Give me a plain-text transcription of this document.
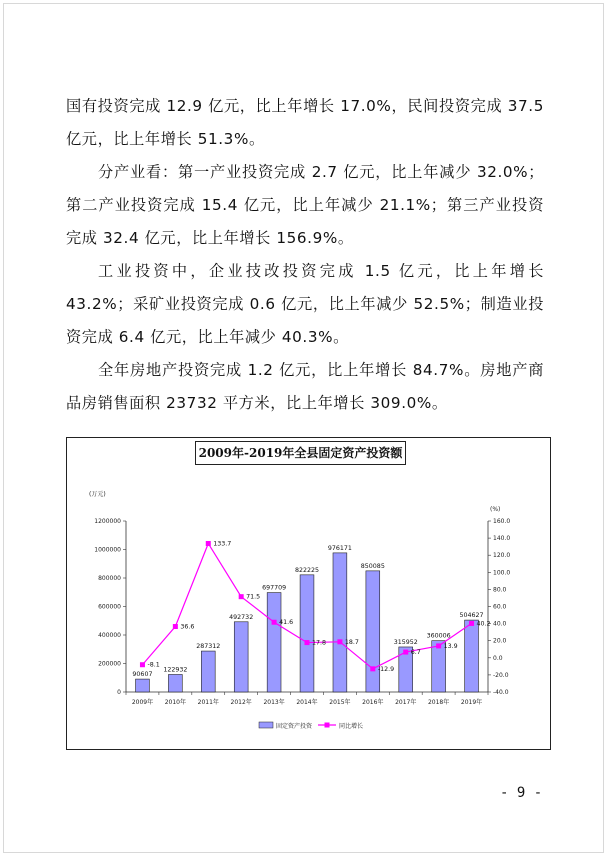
国有投资完成 12.9 亿元，比上年增长 17.0%，民间投资完成 37.5 亿元，比上年增长 51.3%。

分产业看：第一产业投资完成 2.7 亿元，比上年减少 32.0%；第二产业投资完成 15.4 亿元，比上年减少 21.1%；第三产业投资完成 32.4 亿元，比上年增长 156.9%。

工业投资中，企业技改投资完成 1.5 亿元，比上年增长 43.2%；采矿业投资完成 0.6 亿元，比上年减少 52.5%；制造业投资完成 6.4 亿元，比上年减少 40.3%。

全年房地产投资完成 1.2 亿元，比上年增长 84.7%。房地产商品房销售面积 23732 平方米，比上年增长 309.0%。

2009年-2019年全县固定资产投资额
0
200000
400000
600000
800000
1000000
1200000
-40.0
-20.0
0.0
20.0
40.0
60.0
80.0
100.0
120.0
140.0
160.0
(万元)
(%)
2009年 2010年 2011年 2012年 2013年 2014年 2015年 2016年 2017年 2018年 2019年
90607
122932
287312
492732
697709
822225
976171
850085
315952
360006
504627
-8.1
36.6
133.7
71.5
41.6
17.8	18.7
-12.9
6.7
13.9
40.2
固定资产投资	同比增长
- 9 -
